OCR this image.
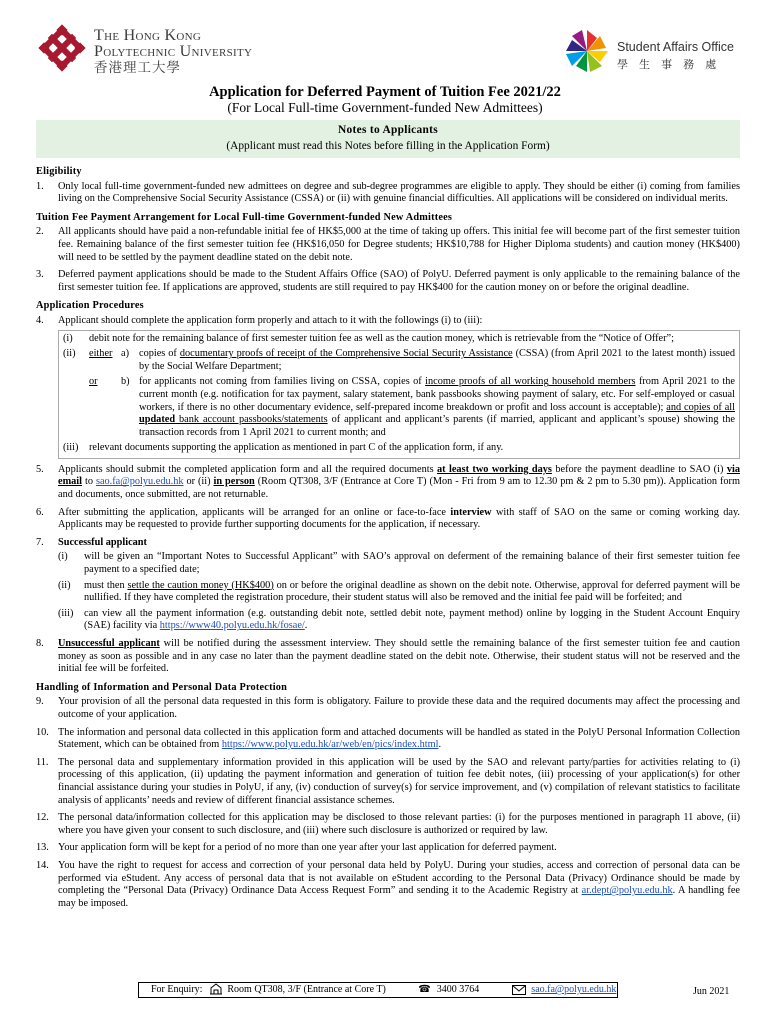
The Hong Kong
Polytechnic University
香港理工大學
Student Affairs Office
學 生 事 務 處
Application for Deferred Payment of Tuition Fee 2021/22
(For Local Full-time Government-funded New Admittees)
Notes to Applicants
(Applicant must read this Notes before filling in the Application Form)
Eligibility
1.	Only local full-time government-funded new admittees on degree and sub-degree programmes are eligible to apply. They should be either (i) coming from families living on the Comprehensive Social Security Assistance (CSSA) or (ii) with genuine financial difficulties. All applications will be considered on individual merits.
Tuition Fee Payment Arrangement for Local Full-time Government-funded New Admittees
2.	All applicants should have paid a non-refundable initial fee of HK$5,000 at the time of taking up offers. This initial fee will become part of the first semester tuition fee. Remaining balance of the first semester tuition fee (HK$16,050 for Degree students; HK$10,788 for Higher Diploma students) and caution money (HK$400) will need to be settled by the payment deadline stated on the debit note.
3.	Deferred payment applications should be made to the Student Affairs Office (SAO) of PolyU. Deferred payment is only applicable to the remaining balance of the first semester tuition fee. If applications are approved, students are still required to pay HK$400 for the caution money on or before the original deadline.
Application Procedures
4.	Applicant should complete the application form properly and attach to it with the followings (i) to (iii):
(i)	debit note for the remaining balance of first semester tuition fee as well as the caution money, which is retrievable from the “Notice of Offer”;
(ii)	either a) copies of documentary proofs of receipt of the Comprehensive Social Security Assistance (CSSA) (from April 2021 to the latest month) issued by the Social Welfare Department;
or	b) for applicants not coming from families living on CSSA, copies of income proofs of all working household members from April 2021 to the current month (e.g. notification for tax payment, salary statement, bank passbooks showing payment of salary, etc. For self-employed or casual workers, if there is no other documentary evidence, self-prepared income breakdown or profit and loss account is acceptable); and copies of all updated bank account passbooks/statements of applicant and applicant’s parents (if married, applicant and applicant’s spouse) showing the transaction records from 1 April 2021 to current month; and
(iii)	relevant documents supporting the application as mentioned in part C of the application form, if any.
5.	Applicants should submit the completed application form and all the required documents at least two working days before the payment deadline to SAO (i) via email to sao.fa@polyu.edu.hk or (ii) in person (Room QT308, 3/F (Entrance at Core T) (Mon - Fri from 9 am to 12.30 pm & 2 pm to 5.30 pm)). Application form and documents, once submitted, are not returnable.
6.	After submitting the application, applicants will be arranged for an online or face-to-face interview with staff of SAO on the same or coming working day. Applicants may be requested to provide further supporting documents for the application, if necessary.
7.	Successful applicant
(i)	will be given an “Important Notes to Successful Applicant” with SAO’s approval on deferment of the remaining balance of their first semester tuition fee payment to a specified date;
(ii)	must then settle the caution money (HK$400) on or before the original deadline as shown on the debit note. Otherwise, approval for deferred payment will be nullified. If they have completed the registration procedure, their student status will also be removed and the initial fee paid will be forfeited; and
(iii)	can view all the payment information (e.g. outstanding debit note, settled debit note, payment method) online by logging in the Student Account Enquiry (SAE) facility via https://www40.polyu.edu.hk/fosae/.
8.	Unsuccessful applicant will be notified during the assessment interview. They should settle the remaining balance of the first semester tuition fee and caution money as soon as possible and in any case no later than the payment deadline stated on the debit note. Otherwise, their student status will not be reserved and the initial fee will be forfeited.
Handling of Information and Personal Data Protection
9.	Your provision of all the personal data requested in this form is obligatory. Failure to provide these data and the required documents may affect the processing and outcome of your application.
10. The information and personal data collected in this application form and attached documents will be handled as stated in the PolyU Personal Information Collection Statement, which can be obtained from https://www.polyu.edu.hk/ar/web/en/pics/index.html.
11. The personal data and supplementary information provided in this application will be used by the SAO and relevant party/parties for activities relating to (i) processing of this application, (ii) updating the payment information and generation of tuition fee debit notes, (iii) processing of your application(s) for other financial assistance during your studies in PolyU, if any, (iv) conduction of survey(s) for service improvement, and (v) compilation of relevant statistics to facilitate analysis of applicants’ needs and review of different financial assistance schemes.
12. The personal data/information collected for this application may be disclosed to those relevant parties: (i) for the purposes mentioned in paragraph 11 above, (ii) where you have given your consent to such disclosure, and (iii) where such disclosure is authorized or required by law.
13. Your application form will be kept for a period of no more than one year after your last application for deferred payment.
14. You have the right to request for access and correction of your personal data held by PolyU. During your studies, access and correction of personal data can be performed via eStudent. Any access of personal data that is not available on eStudent according to the Personal Data (Privacy) Ordinance should be made by completing the “Personal Data (Privacy) Ordinance Data Access Request Form” and sending it to the Academic Registry at ar.dept@polyu.edu.hk. A handling fee may be imposed.
For Enquiry:	Room QT308, 3/F (Entrance at Core T)	☎ 3400 3764	sao.fa@polyu.edu.hk	Jun 2021
